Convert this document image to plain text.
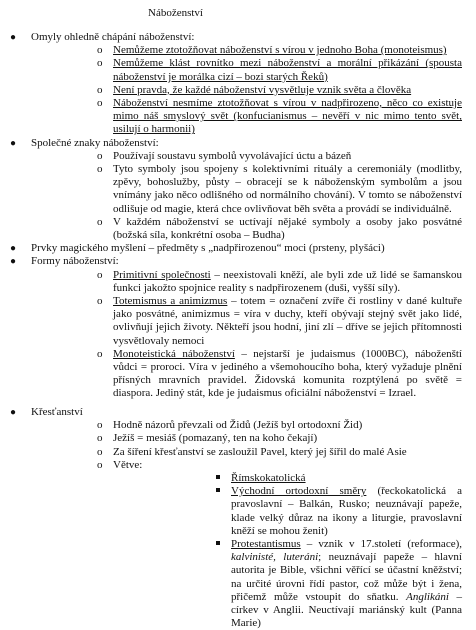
Náboženství
● Omyly ohledně chápání náboženství:
o Nemůžeme ztotožňovat náboženství s vírou v jednoho Boha (monoteismus)
o Nemůžeme klást rovnítko mezi náboženství a morální přikázání (spousta náboženství je morálka cizí – bozi starých Řeků)
o Není pravda, že každé náboženství vysvětluje vznik světa a člověka
o Náboženství nesmíme ztotožňovat s vírou v nadpřirozeno, něco co existuje mimo náš smyslový svět (konfucianismus – nevěří v nic mimo tento svět, usilují o harmonii)
● Společné znaky náboženství:
o Používají soustavu symbolů vyvolávající úctu a bázeň
o Tyto symboly jsou spojeny s kolektivními rituály a ceremoniály (modlitby, zpěvy, bohoslužby, půsty – obracejí se k náboženským symbolům a jsou vnímány jako něco odlišného od normálního chování). V tomto se náboženství odlišuje od magie, která chce ovlivňovat běh světa a provádí se individuálně.
o V každém náboženství se uctívají nějaké symboly a osoby jako posvátné (božská síla, konkrétní osoba – Budha)
● Prvky magického myšlení – předměty s „nadpřirozenou“ moci (prsteny, plyšáci)
● Formy náboženství:
o Primitivní společnosti – neexistovali kněží, ale byli zde už lidé se šamanskou funkci jakožto spojnice reality s nadpřirozenem (duši, vyšší síly).
o Totemismus a animizmus – totem = označení zvíře či rostliny v dané kultuře jako posvátné, animizmus = víra v duchy, kteří obývají stejný svět jako lidé, ovlivňují jejich životy. Někteří jsou hodní, jiní zlí – dříve se jejich přítomnosti vysvětlovaly nemoci
o Monoteistická náboženství – nejstarší je judaismus (1000BC), náboženští vůdci = proroci. Víra v jediného a všemohoucího boha, který vyžaduje plnění přísných mravních pravidel. Židovská komunita rozptýlená po světě = diaspora. Jediný stát, kde je judaismus oficiální náboženství = Izrael.
● Křesťanství
o Hodně názorů převzali od Židů (Ježíš byl ortodoxní Žid)
o Ježíš = mesiáš (pomazaný, ten na koho čekají)
o Za šíření křesťanství se zasloužil Pavel, který jej šířil do malé Asie
o Větve:
Římskokatolická
Východní ortodoxní směry (řeckokatolická a pravoslavní – Balkán, Rusko; neuznávají papeže, klade velký důraz na ikony a liturgie, pravoslavní kněží se mohou ženit)
Protestantismus – vznik v 17.století (reformace), kalvinisté, luteráni; neuznávají papeže – hlavní autorita je Bible, všichni věřící se účastní kněžství; na určité úrovni řídí pastor, což může být i žena, přičemž může vstoupit do sňatku. Anglikáni – církev v Anglii. Neuctívají mariánský kult (Panna Marie)
